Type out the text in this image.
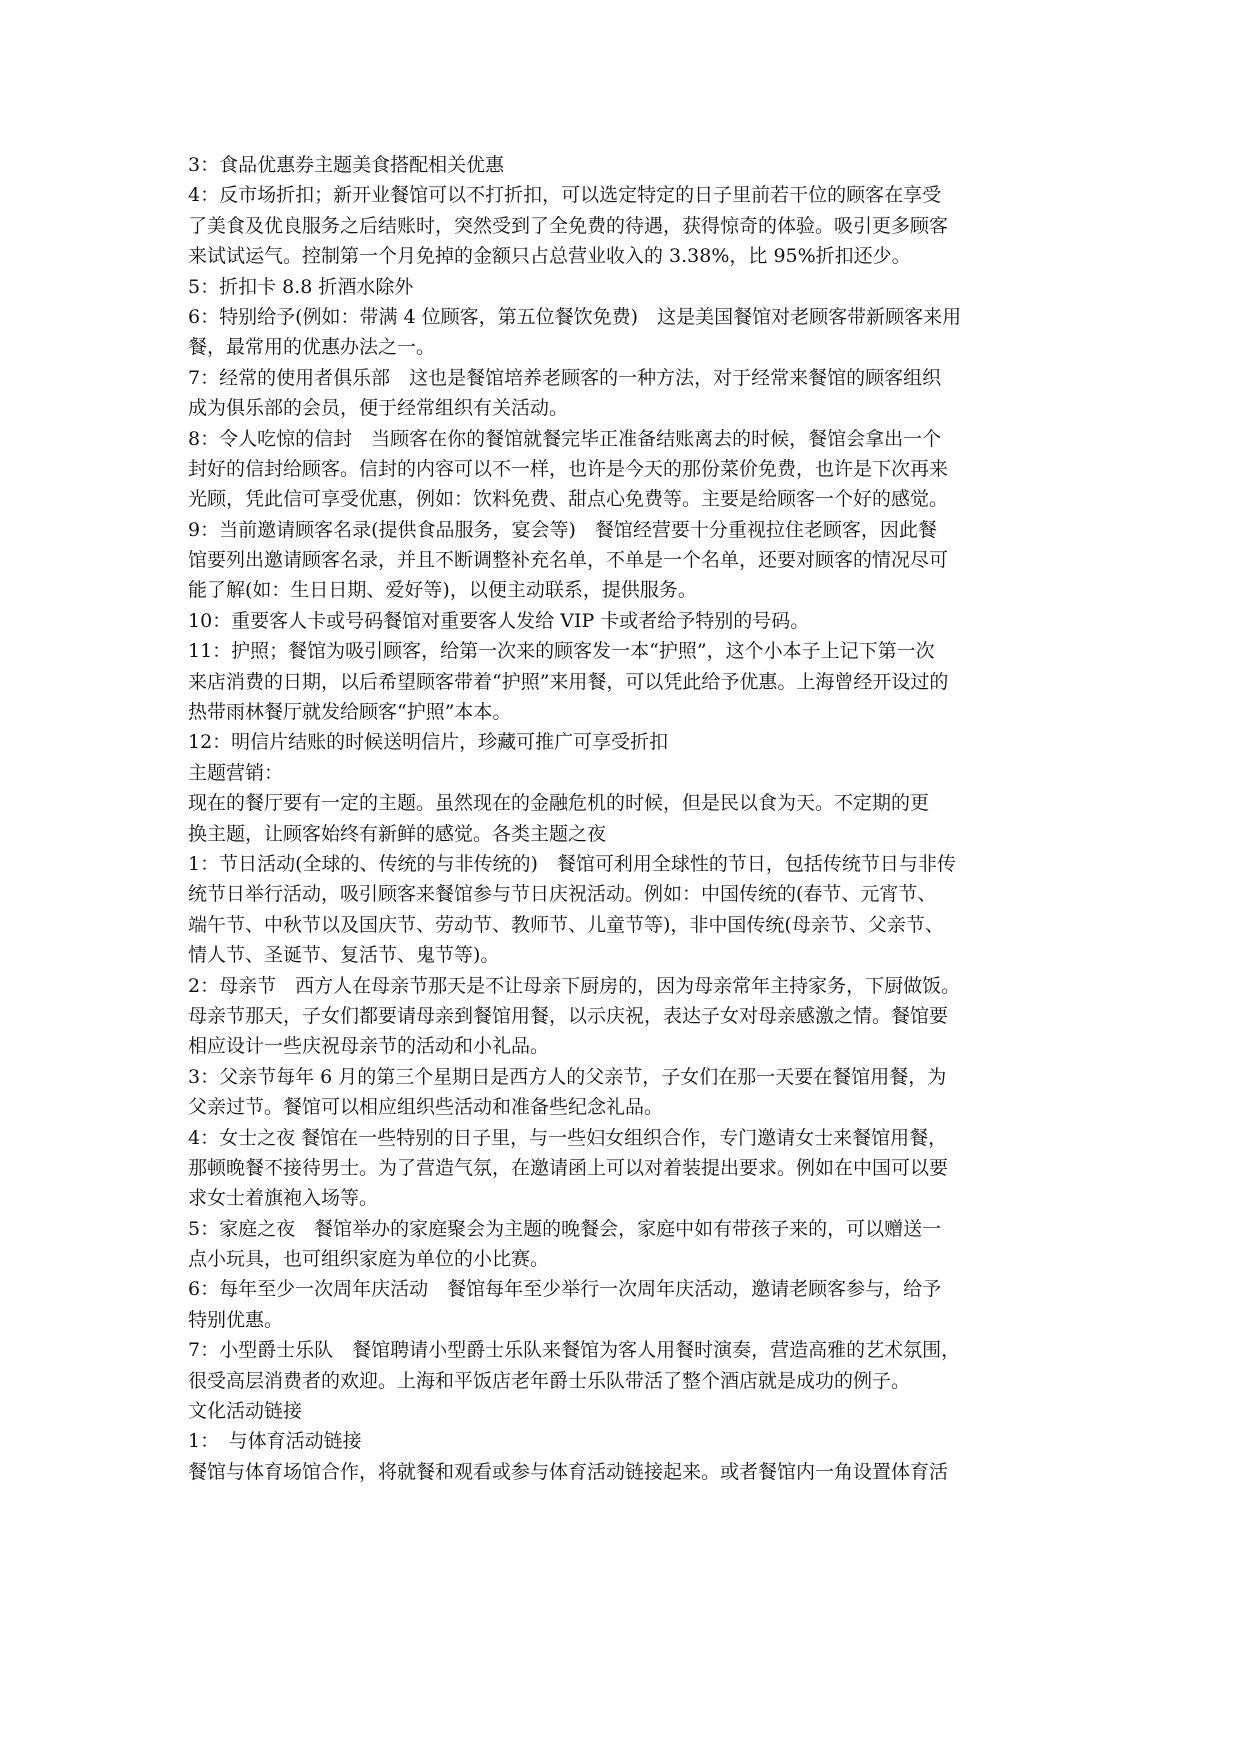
3：食品优惠券主题美食搭配相关优惠
4：反市场折扣；新开业餐馆可以不打折扣，可以选定特定的日子里前若干位的顾客在享受
了美食及优良服务之后结账时，突然受到了全免费的待遇，获得惊奇的体验。吸引更多顾客
来试试运气。控制第一个月免掉的金额只占总营业收入的 3.38%，比 95%折扣还少。
5：折扣卡 8.8 折酒水除外
6：特别给予(例如：带满 4 位顾客，第五位餐饮免费)　这是美国餐馆对老顾客带新顾客来用
餐，最常用的优惠办法之一。
7：经常的使用者俱乐部　这也是餐馆培养老顾客的一种方法，对于经常来餐馆的顾客组织
成为俱乐部的会员，便于经常组织有关活动。
8：令人吃惊的信封　当顾客在你的餐馆就餐完毕正准备结账离去的时候，餐馆会拿出一个
封好的信封给顾客。信封的内容可以不一样，也许是今天的那份菜价免费，也许是下次再来
光顾，凭此信可享受优惠，例如：饮料免费、甜点心免费等。主要是给顾客一个好的感觉。
9：当前邀请顾客名录(提供食品服务，宴会等)　餐馆经营要十分重视拉住老顾客，因此餐
馆要列出邀请顾客名录，并且不断调整补充名单，不单是一个名单，还要对顾客的情况尽可
能了解(如：生日日期、爱好等)，以便主动联系，提供服务。
10：重要客人卡或号码餐馆对重要客人发给 VIP 卡或者给予特别的号码。
11：护照；餐馆为吸引顾客，给第一次来的顾客发一本“护照”，这个小本子上记下第一次
来店消费的日期，以后希望顾客带着“护照”来用餐，可以凭此给予优惠。上海曾经开设过的
热带雨林餐厅就发给顾客“护照”本本。
12：明信片结账的时候送明信片，珍藏可推广可享受折扣
主题营销：
现在的餐厅要有一定的主题。虽然现在的金融危机的时候，但是民以食为天。不定期的更
换主题，让顾客始终有新鲜的感觉。各类主题之夜
1：节日活动(全球的、传统的与非传统的)　餐馆可利用全球性的节日，包括传统节日与非传
统节日举行活动，吸引顾客来餐馆参与节日庆祝活动。例如：中国传统的(春节、元宵节、
端午节、中秋节以及国庆节、劳动节、教师节、儿童节等)，非中国传统(母亲节、父亲节、
情人节、圣诞节、复活节、鬼节等)。
2：母亲节　西方人在母亲节那天是不让母亲下厨房的，因为母亲常年主持家务，下厨做饭。
母亲节那天，子女们都要请母亲到餐馆用餐，以示庆祝，表达子女对母亲感激之情。餐馆要
相应设计一些庆祝母亲节的活动和小礼品。
3：父亲节每年 6 月的第三个星期日是西方人的父亲节，子女们在那一天要在餐馆用餐，为
父亲过节。餐馆可以相应组织些活动和准备些纪念礼品。
4：女士之夜 餐馆在一些特别的日子里，与一些妇女组织合作，专门邀请女士来餐馆用餐，
那顿晚餐不接待男士。为了营造气氛，在邀请函上可以对着装提出要求。例如在中国可以要
求女士着旗袍入场等。
5：家庭之夜　餐馆举办的家庭聚会为主题的晚餐会，家庭中如有带孩子来的，可以赠送一
点小玩具，也可组织家庭为单位的小比赛。
6：每年至少一次周年庆活动　餐馆每年至少举行一次周年庆活动，邀请老顾客参与，给予
特别优惠。
7：小型爵士乐队　餐馆聘请小型爵士乐队来餐馆为客人用餐时演奏，营造高雅的艺术氛围，
很受高层消费者的欢迎。上海和平饭店老年爵士乐队带活了整个酒店就是成功的例子。
文化活动链接
1：　与体育活动链接
餐馆与体育场馆合作，将就餐和观看或参与体育活动链接起来。或者餐馆内一角设置体育活
